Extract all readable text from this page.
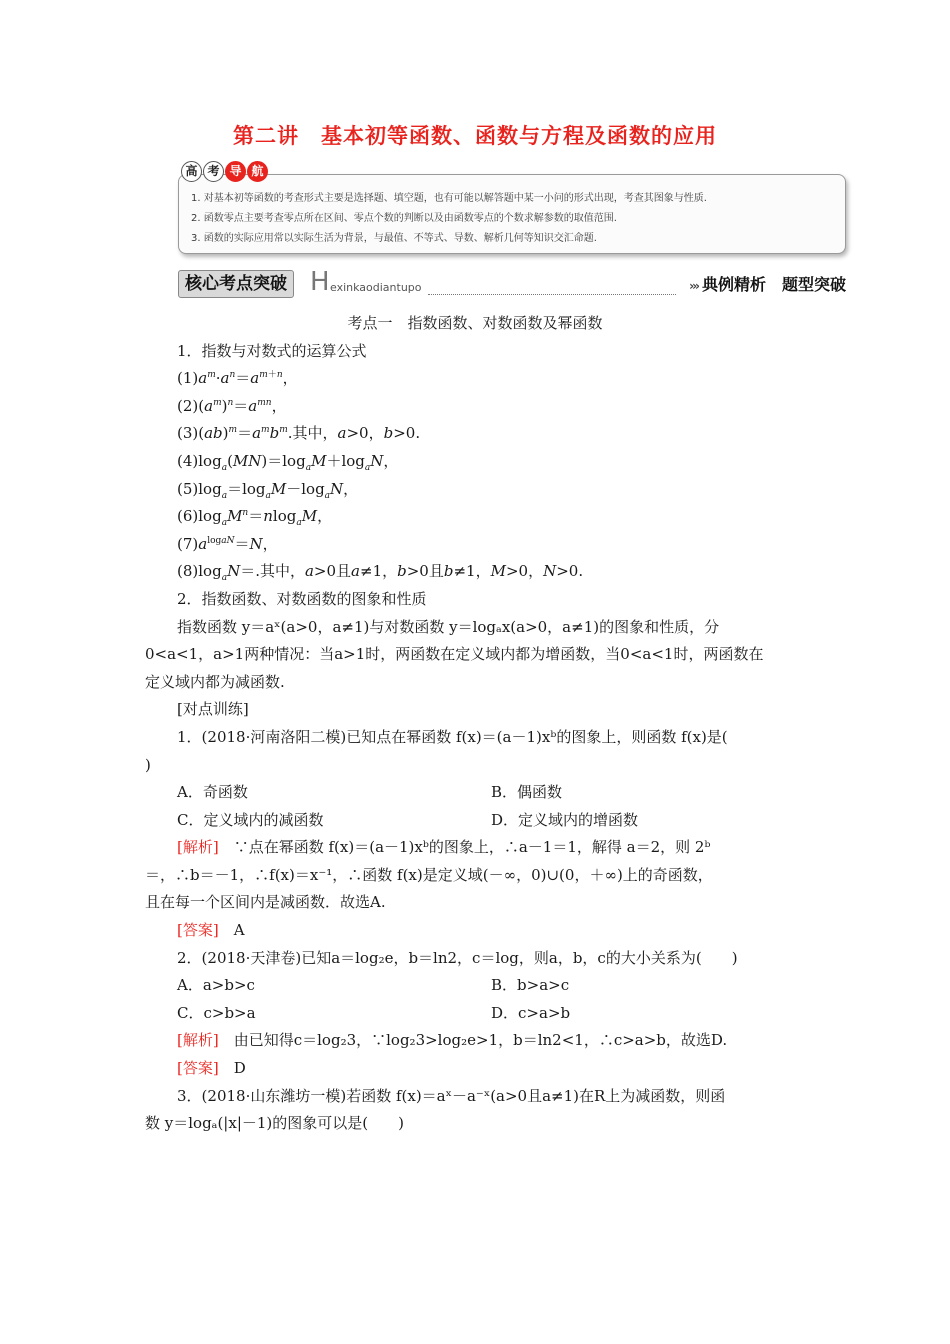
第二讲　基本初等函数、函数与方程及函数的应用
高 考 导 航
1. 对基本初等函数的考查形式主要是选择题、填空题，也有可能以解答题中某一小问的形式出现，考查其图象与性质.
2. 函数零点主要考查零点所在区间、零点个数的判断以及由函数零点的个数求解参数的取值范围.
3. 函数的实际应用常以实际生活为背景，与最值、不等式、导数、解析几何等知识交汇命题.
核心考点突破 H exinkaodiantupo	››› 典例精析　题型突破
考点一　指数函数、对数函数及幂函数
1．指数与对数式的运算公式
$(1)a^m\cdot a^n=a^{m+n}$，
$(2)(a^m)^n=a^{mn}$，
$(3)(ab)^m=a^mb^m$.其中，a>0，b>0.
$(4)\log_a(MN)=\log_aM+\log_aN$，
$(5)\log_a=\log_aM-\log_aN$，
$(6)\log_aM^n=nlog_aM$，
$(7)a^{logaN}=N$，
$(8)\log_aN=$.其中，a>0且a≠1，b>0且b≠1，M>0，N>0.
2．指数函数、对数函数的图象和性质
指数函数 y＝aˣ(a>0，a≠1)与对数函数 y＝logₐx(a>0，a≠1)的图象和性质，分
0<a<1，a>1两种情况：当a>1时，两函数在定义域内都为增函数，当0<a<1时，两函数在
定义域内都为减函数.
[对点训练]
1．(2018·河南洛阳二模)已知点在幂函数 f(x)＝(a－1)xᵇ的图象上，则函数 f(x)是(
)
A．奇函数	B．偶函数
C．定义域内的减函数	D．定义域内的增函数
[解析]　 ∵点在幂函数 f(x)＝(a－1)xᵇ的图象上，∴a－1＝1，解得 a＝2，则 2ᵇ
＝，∴b＝－1，∴f(x)＝x⁻¹，∴函数 f(x)是定义域(－∞，0)∪(0，＋∞)上的奇函数，
且在每一个区间内是减函数．故选A.
[答案]　 A
2．(2018·天津卷)已知a＝log₂e，b＝ln2，c＝log，则a，b，c的大小关系为(　　)
A．a>b>c	B．b>a>c
C．c>b>a	D．c>a>b
[解析]　 由已知得c＝log₂3，∵log₂3>log₂e>1，b＝ln2<1，∴c>a>b，故选D.
[答案]　 D
3．(2018·山东潍坊一模)若函数 f(x)＝aˣ－a⁻ˣ(a>0且a≠1)在R上为减函数，则函
数 y＝logₐ(|x|－1)的图象可以是(　　)
